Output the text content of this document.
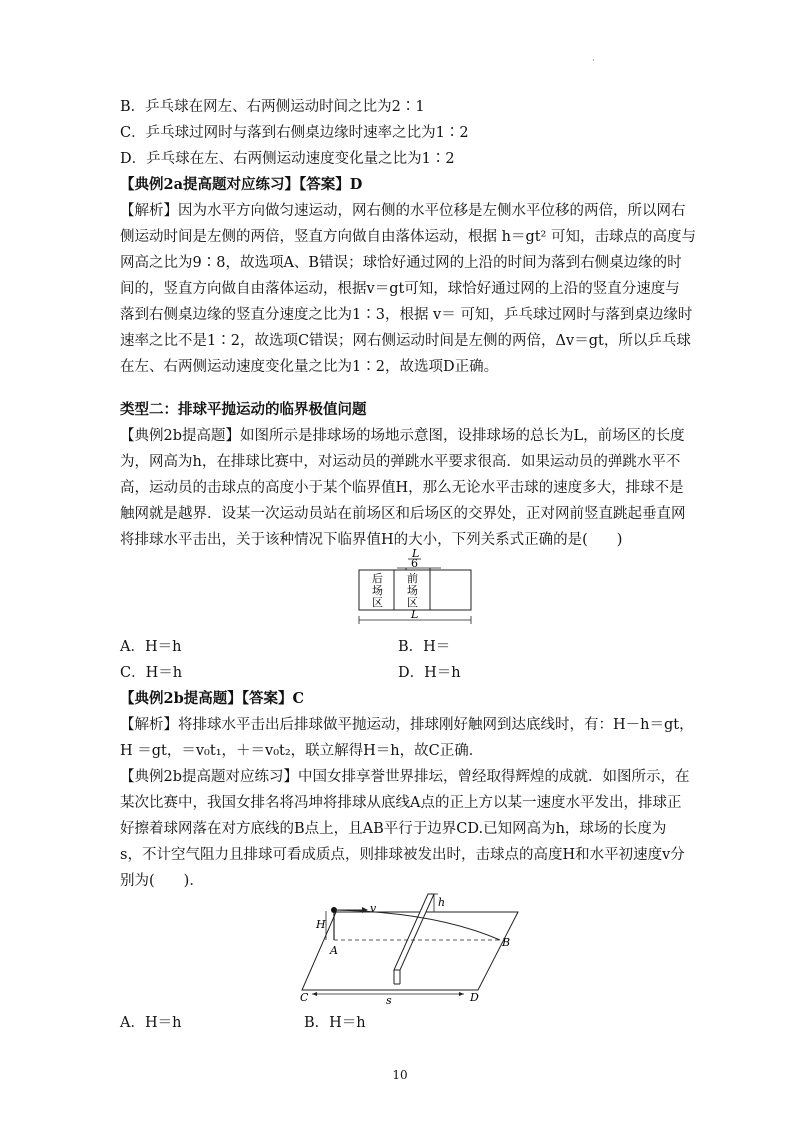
·
B．乒乓球在网左、右两侧运动时间之比为2∶1
C．乒乓球过网时与落到右侧桌边缘时速率之比为1∶2
D．乒乓球在左、右两侧运动速度变化量之比为1∶2
【典例2a提高题对应练习】【答案】D
【解析】因为水平方向做匀速运动，网右侧的水平位移是左侧水平位移的两倍，所以网右
侧运动时间是左侧的两倍，竖直方向做自由落体运动，根据 h＝gt² 可知，击球点的高度与
网高之比为9∶8，故选项A、B错误；球恰好通过网的上沿的时间为落到右侧桌边缘的时
间的，竖直方向做自由落体运动，根据v＝gt可知，球恰好通过网的上沿的竖直分速度与
落到右侧桌边缘的竖直分速度之比为1∶3，根据 v＝ 可知，乒乓球过网时与落到桌边缘时
速率之比不是1∶2，故选项C错误；网右侧运动时间是左侧的两倍，Δv＝gt，所以乒乓球
在左、右两侧运动速度变化量之比为1∶2，故选项D正确。
类型二：排球平抛运动的临界极值问题
【典例2b提高题】如图所示是排球场的场地示意图，设排球场的总长为L，前场区的长度
为，网高为h，在排球比赛中，对运动员的弹跳水平要求很高．如果运动员的弹跳水平不
高，运动员的击球点的高度小于某个临界值H，那么无论水平击球的速度多大，排球不是
触网就是越界．设某一次运动员站在前场区和后场区的交界处，正对网前竖直跳起垂直网
将排球水平击出，关于该种情况下临界值H的大小，下列关系式正确的是(　　)
L
6
后
场
区
前
场
区
L
A．H＝h	B．H＝
C．H＝h	D．H＝h
【典例2b提高题】【答案】C
【解析】将排球水平击出后排球做平抛运动，排球刚好触网到达底线时，有：H－h＝gt，
H ＝gt，＝v₀t₁，＋＝v₀t₂，联立解得H＝h，故C正确．
【典例2b提高题对应练习】中国女排享誉世界排坛，曾经取得辉煌的成就．如图所示，在
某次比赛中，我国女排名将冯坤将排球从底线A点的正上方以某一速度水平发出，排球正
好擦着球网落在对方底线的B点上，且AB平行于边界CD.已知网高为h，球场的长度为
s，不计空气阻力且排球可看成质点，则排球被发出时，击球点的高度H和水平初速度v分
别为(　　)．
h
H
v
A
B
C	D
s
A．H＝h	B．H＝h
10
